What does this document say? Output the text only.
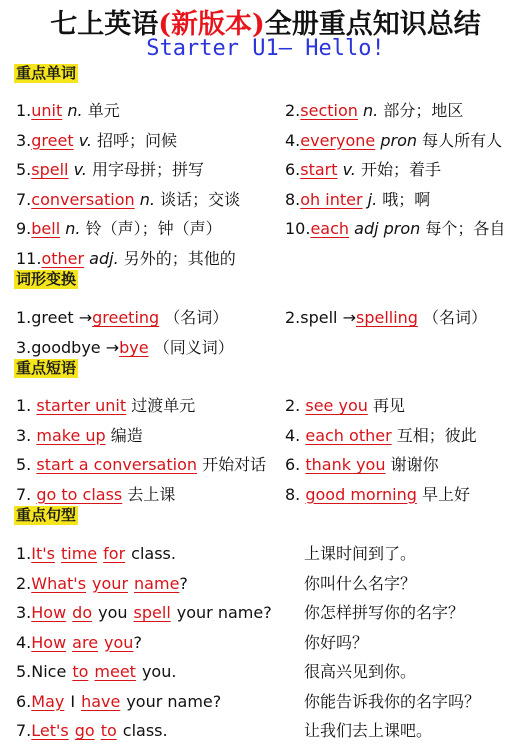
七上英语(新版本)全册重点知识总结
Starter U1— Hello!
重点单词
1.unit n. 单元	2.section n. 部分；地区
3.greet v. 招呼；问候	4.everyone pron 每人所有人
5.spell v. 用字母拼；拼写	6.start v. 开始；着手
7.conversation n. 谈话；交谈	8.oh inter j. 哦；啊
9.bell n. 铃（声）；钟（声）	10.each adj pron 每个；各自
11.other adj. 另外的；其他的
词形变换
1.greet →greeting （名词）	2.spell →spelling （名词）
3.goodbye →bye （同义词）
重点短语
1. starter unit 过渡单元	2. see you 再见
3. make up 编造	4. each other 互相；彼此
5. start a conversation 开始对话 6. thank you 谢谢你
7. go to class 去上课	8. good morning 早上好
重点句型
1.It's time for class.	上课时间到了。
2.What's your name?	你叫什么名字？
3.How do you spell your name? 你怎样拼写你的名字？
4.How are you?	你好吗？
5.Nice to meet you.	很高兴见到你。
6.May I have your name?	你能告诉我你的名字吗？
7.Let's go to class.	让我们去上课吧。
